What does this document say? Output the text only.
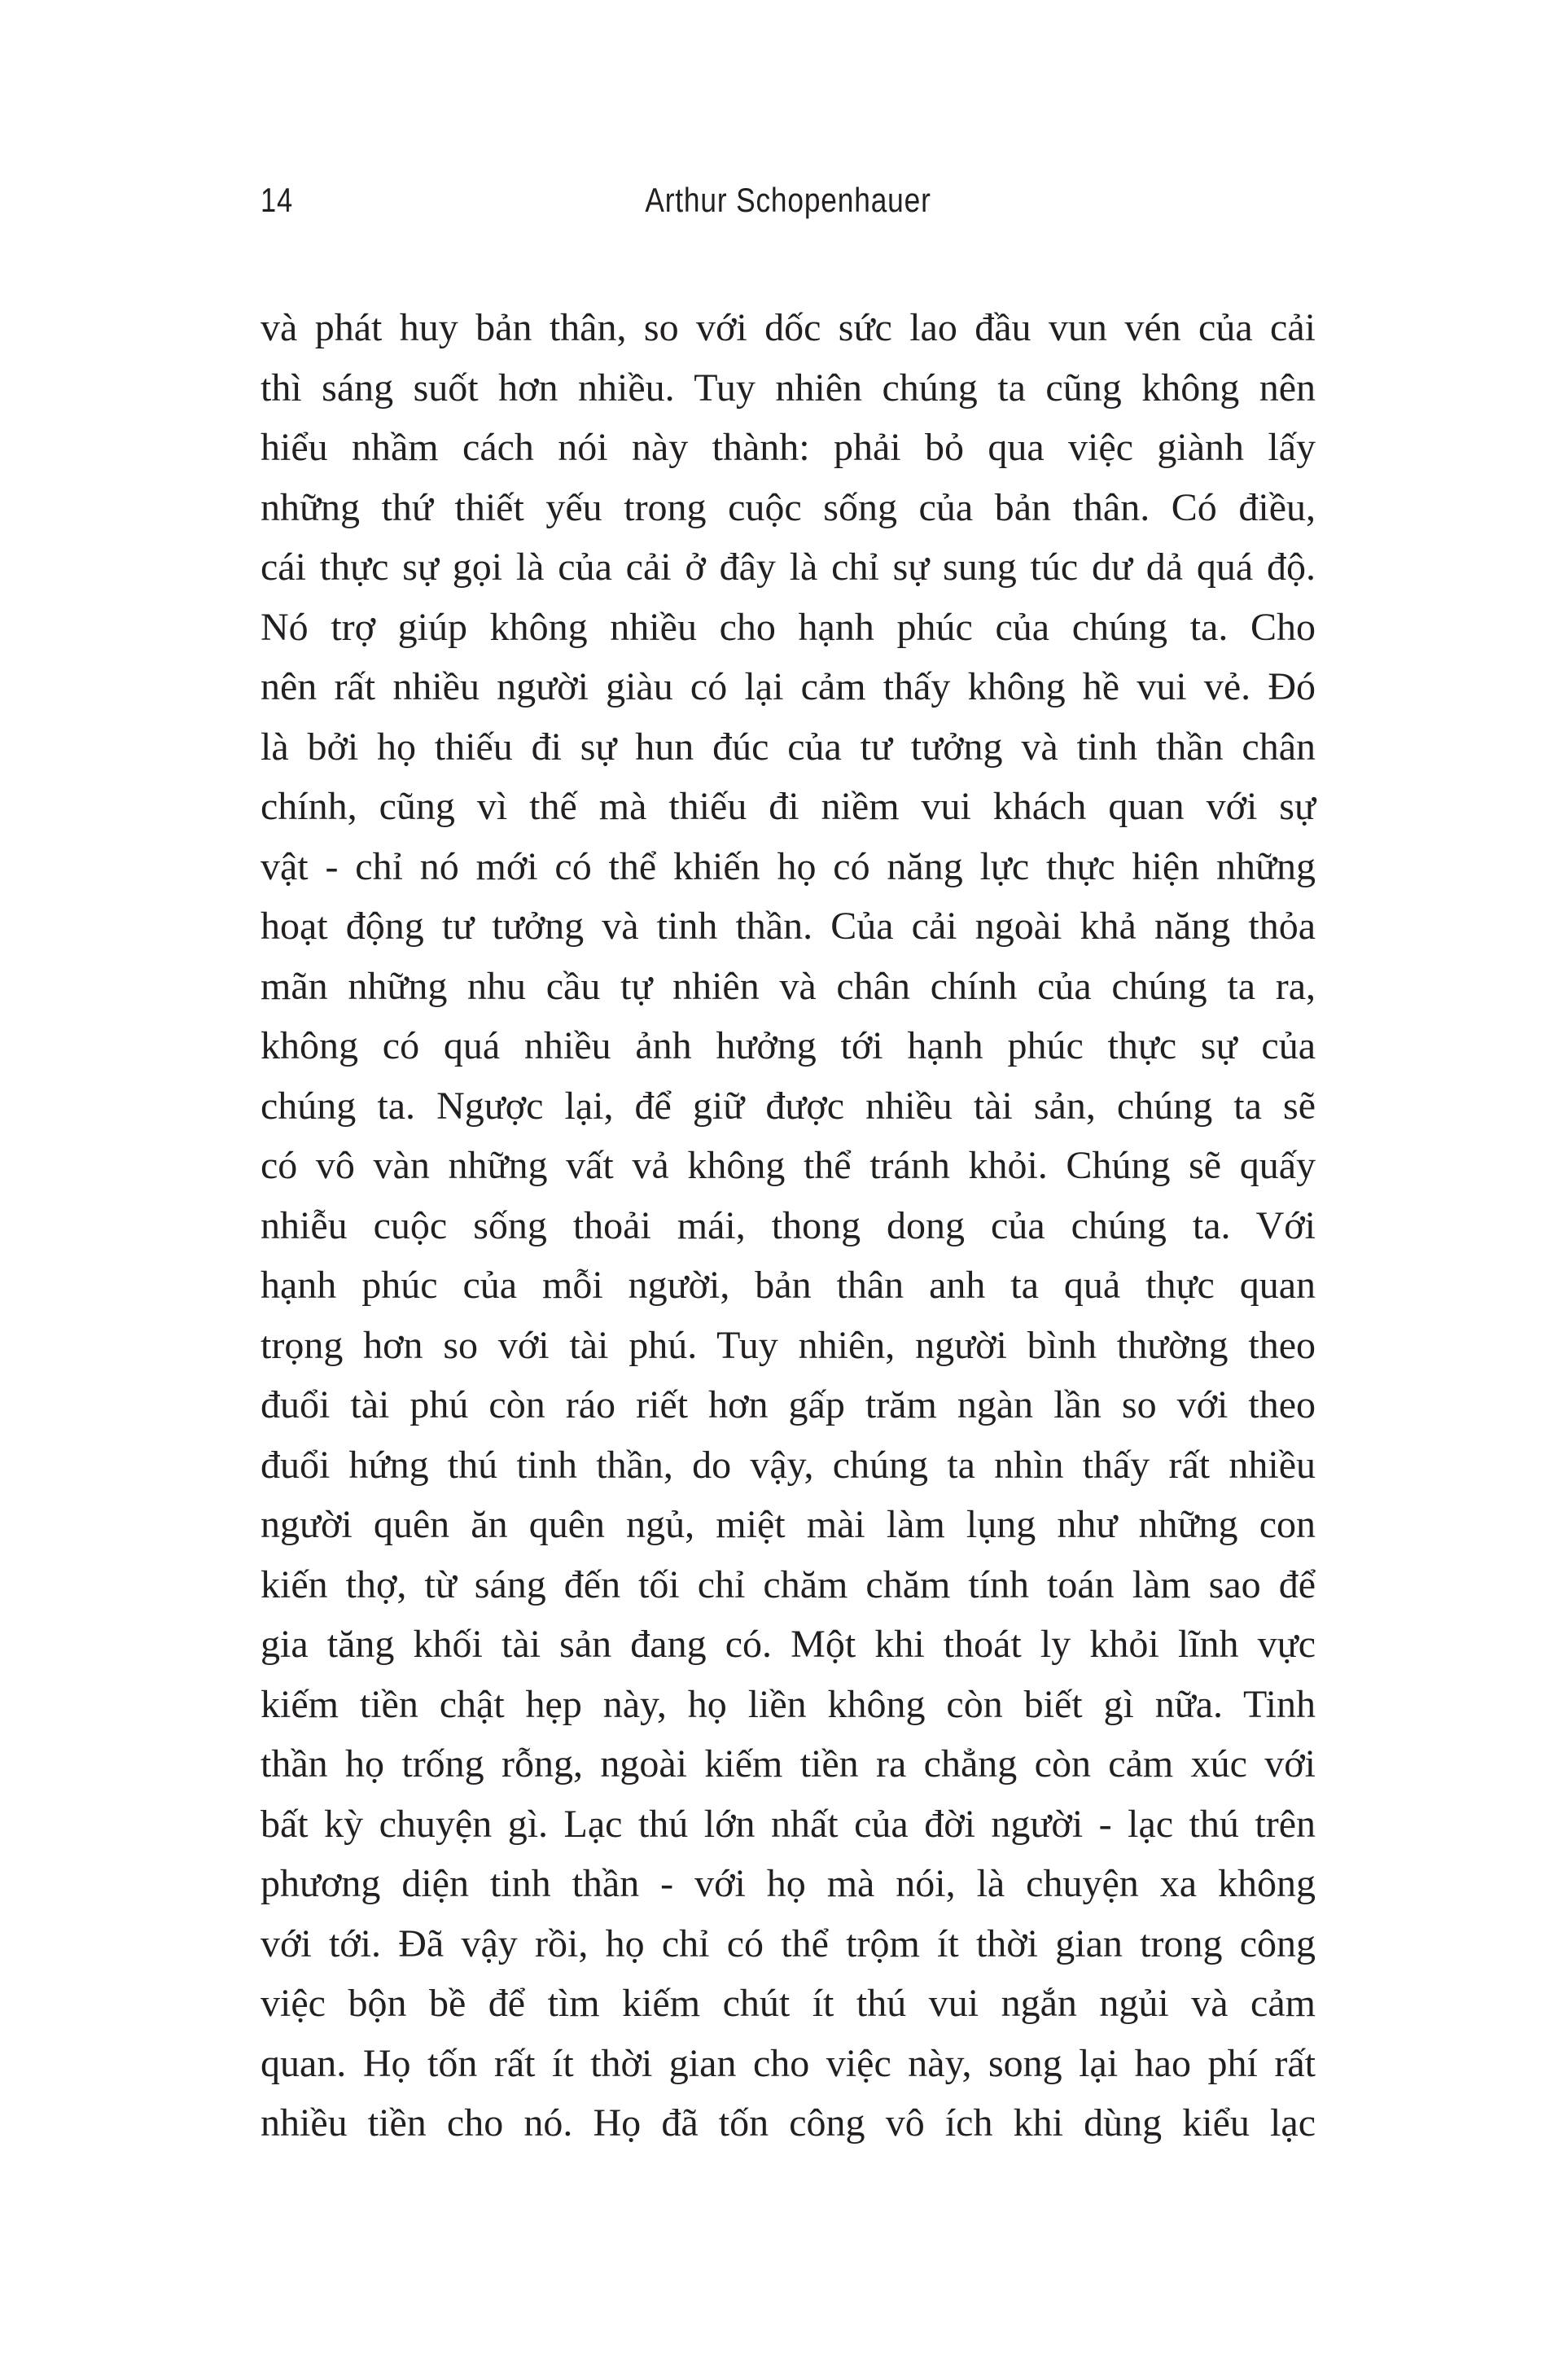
14	Arthur Schopenhauer
và phát huy bản thân, so với dốc sức lao đầu vun vén của cải
thì sáng suốt hơn nhiều. Tuy nhiên chúng ta cũng không nên
hiểu nhầm cách nói này thành: phải bỏ qua việc giành lấy
những thứ thiết yếu trong cuộc sống của bản thân. Có điều,
cái thực sự gọi là của cải ở đây là chỉ sự sung túc dư dả quá độ.
Nó trợ giúp không nhiều cho hạnh phúc của chúng ta. Cho
nên rất nhiều người giàu có lại cảm thấy không hề vui vẻ. Đó
là bởi họ thiếu đi sự hun đúc của tư tưởng và tinh thần chân
chính, cũng vì thế mà thiếu đi niềm vui khách quan với sự
vật - chỉ nó mới có thể khiến họ có năng lực thực hiện những
hoạt động tư tưởng và tinh thần. Của cải ngoài khả năng thỏa
mãn những nhu cầu tự nhiên và chân chính của chúng ta ra,
không có quá nhiều ảnh hưởng tới hạnh phúc thực sự của
chúng ta. Ngược lại, để giữ được nhiều tài sản, chúng ta sẽ
có vô vàn những vất vả không thể tránh khỏi. Chúng sẽ quấy
nhiễu cuộc sống thoải mái, thong dong của chúng ta. Với
hạnh phúc của mỗi người, bản thân anh ta quả thực quan
trọng hơn so với tài phú. Tuy nhiên, người bình thường theo
đuổi tài phú còn ráo riết hơn gấp trăm ngàn lần so với theo
đuổi hứng thú tinh thần, do vậy, chúng ta nhìn thấy rất nhiều
người quên ăn quên ngủ, miệt mài làm lụng như những con
kiến thợ, từ sáng đến tối chỉ chăm chăm tính toán làm sao để
gia tăng khối tài sản đang có. Một khi thoát ly khỏi lĩnh vực
kiếm tiền chật hẹp này, họ liền không còn biết gì nữa. Tinh
thần họ trống rỗng, ngoài kiếm tiền ra chẳng còn cảm xúc với
bất kỳ chuyện gì. Lạc thú lớn nhất của đời người - lạc thú trên
phương diện tinh thần - với họ mà nói, là chuyện xa không
với tới. Đã vậy rồi, họ chỉ có thể trộm ít thời gian trong công
việc bộn bề để tìm kiếm chút ít thú vui ngắn ngủi và cảm
quan. Họ tốn rất ít thời gian cho việc này, song lại hao phí rất
nhiều tiền cho nó. Họ đã tốn công vô ích khi dùng kiểu lạc
